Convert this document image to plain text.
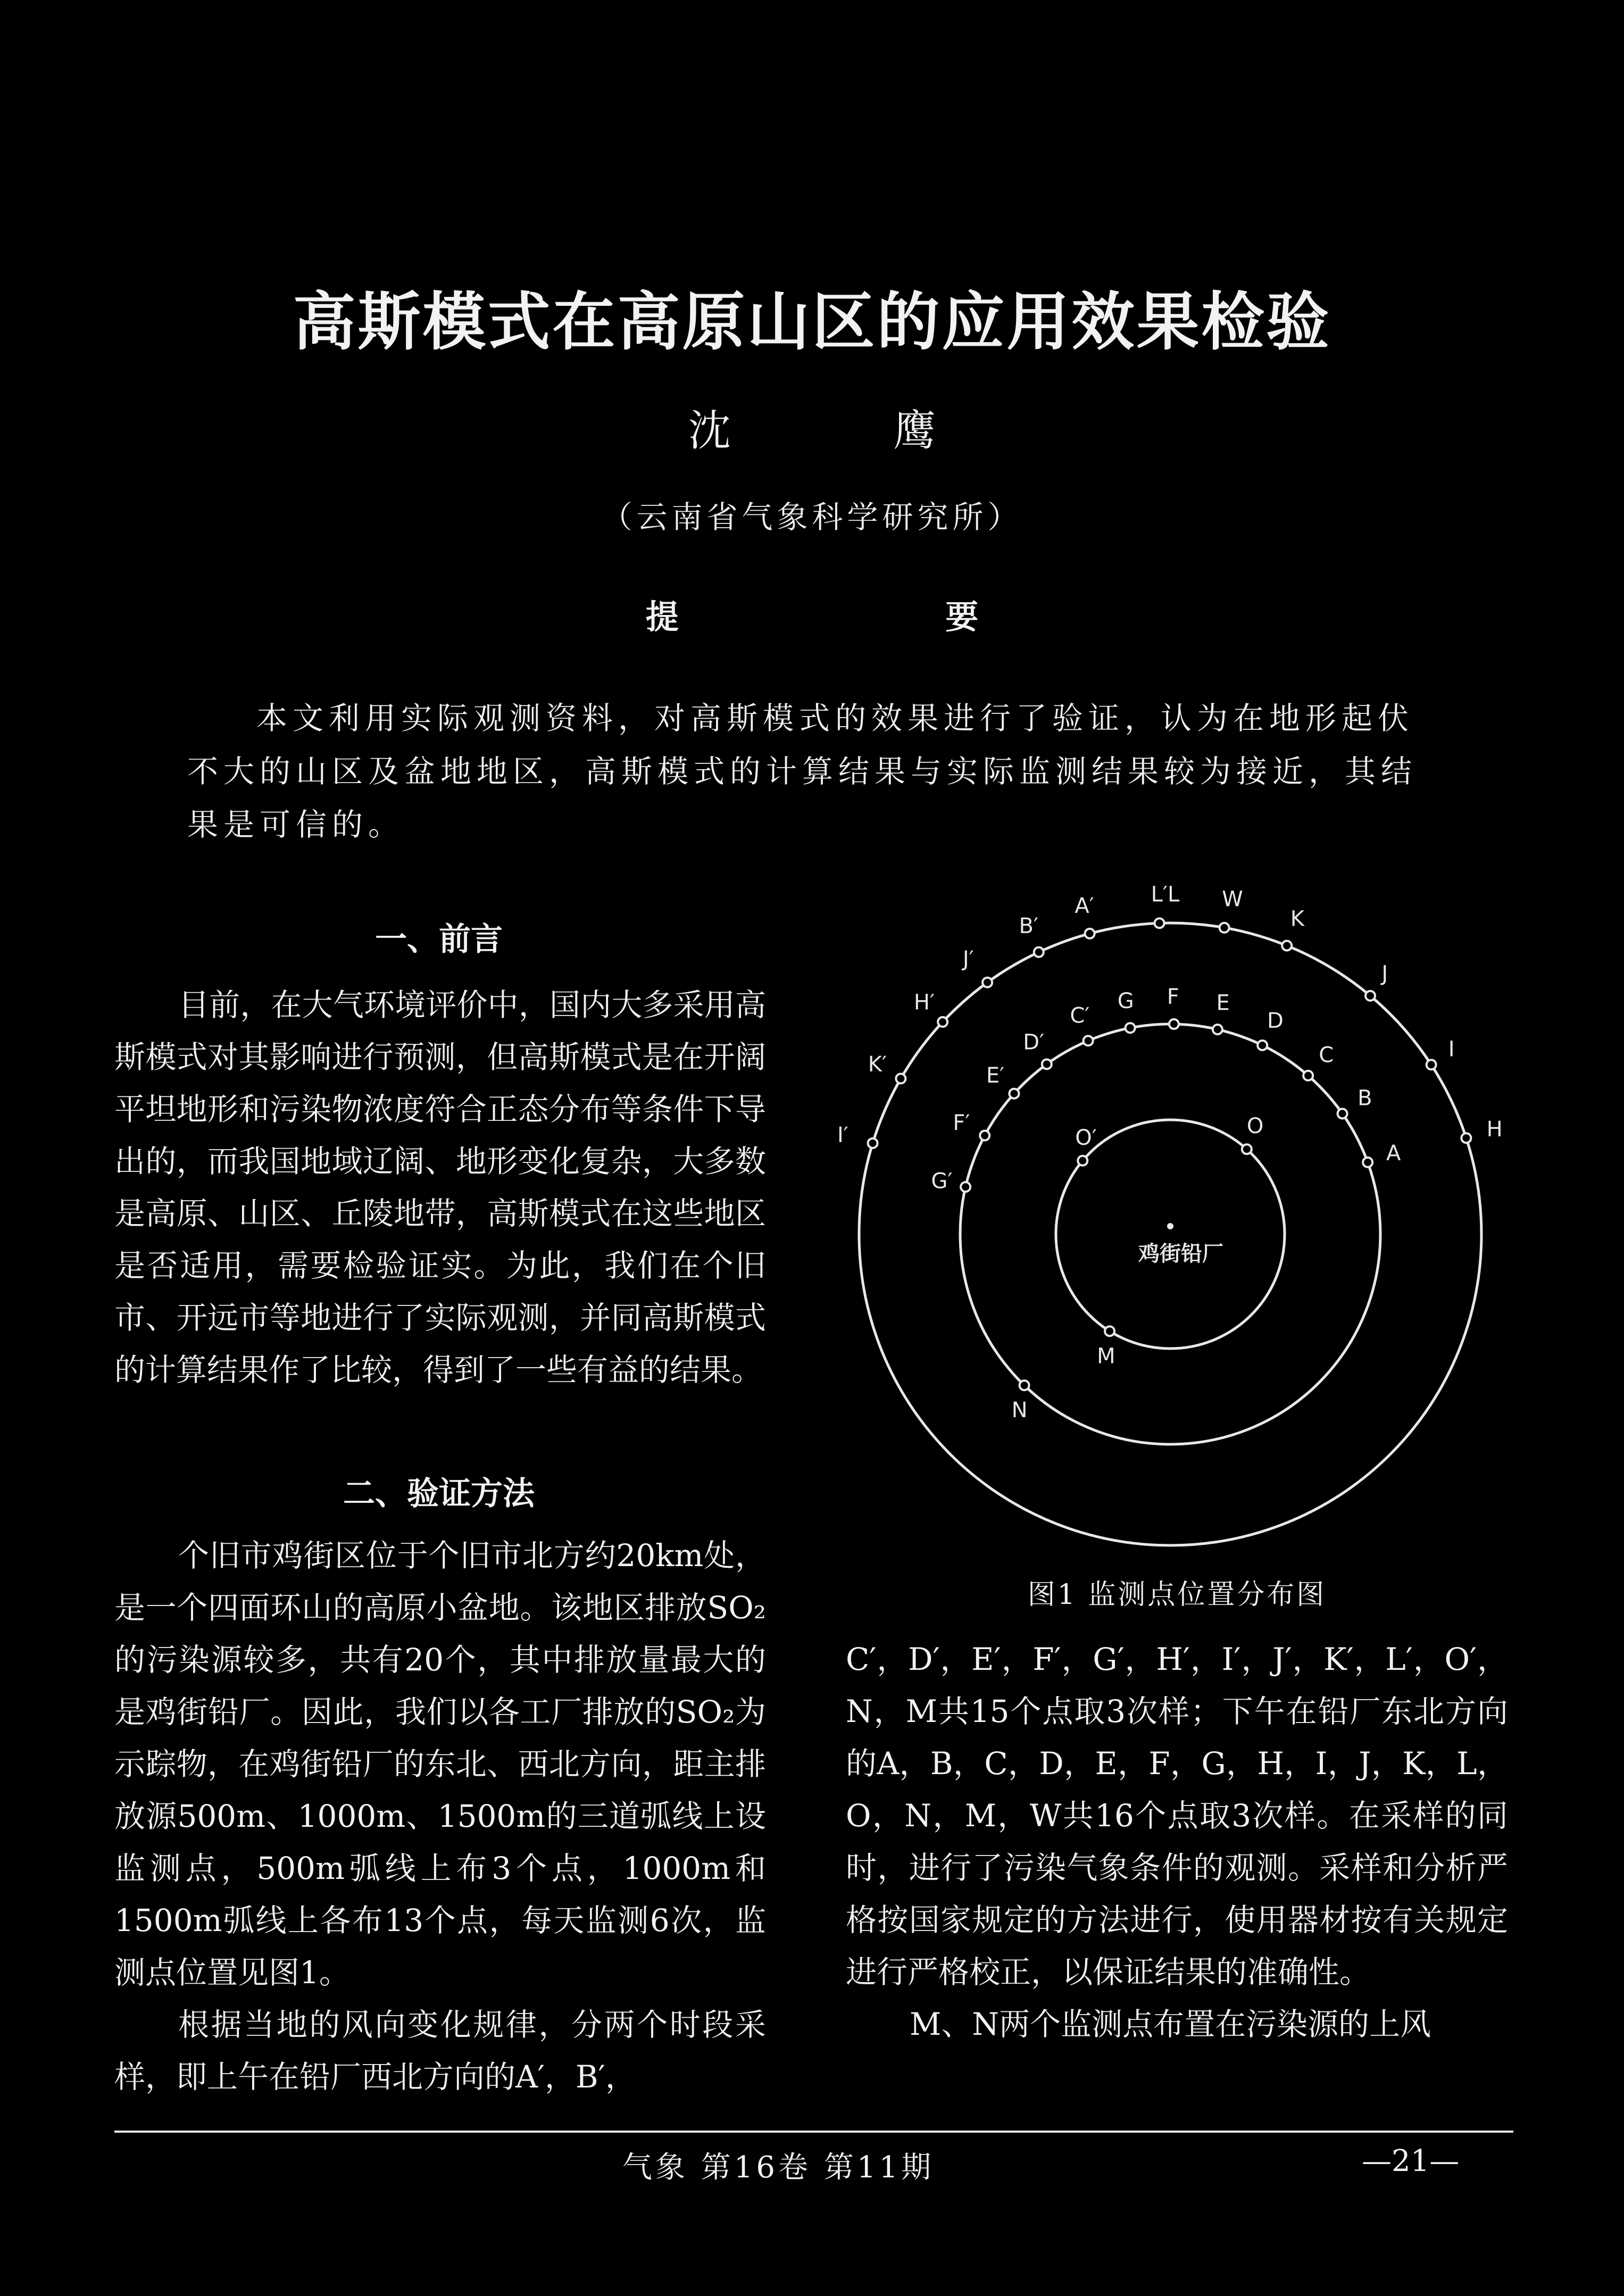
高斯模式在高原山区的应用效果检验
沈 鹰
（云南省气象科学研究所）
提 要
本文利用实际观测资料，对高斯模式的效果进行了验证，认为在地形起伏不大的山区及盆地地区，高斯模式的计算结果与实际监测结果较为接近，其结果是可信的。
一、前言

目前，在大气环境评价中，国内大多采用高斯模式对其影响进行预测，但高斯模式是在开阔平坦地形和污染物浓度符合正态分布等条件下导出的，而我国地域辽阔、地形变化复杂，大多数是高原、山区、丘陵地带，高斯模式在这些地区是否适用，需要检验证实。为此，我们在个旧市、开远市等地进行了实际观测，并同高斯模式的计算结果作了比较，得到了一些有益的结果。

二、验证方法

个旧市鸡街区位于个旧市北方约20km处，是一个四面环山的高原小盆地。该地区排放SO₂的污染源较多，共有20个，其中排放量最大的是鸡街铅厂。因此，我们以各工厂排放的SO₂为示踪物，在鸡街铅厂的东北、西北方向，距主排放源500m、1000m、1500m的三道弧线上设监测点，500m弧线上布3个点，1000m和1500m弧线上各布13个点，每天监测6次，监测点位置见图1。

根据当地的风向变化规律，分两个时段采样，即上午在铅厂西北方向的A′，B′，

I′
K′
H′
J′
B′
A′	L′L W
K
J
I
H
G′
F′
E′
D′
C′
G F E
D
C
B
A
O′	O
M
N
鸡街铅厂
图1 监测点位置分布图

C′，D′，E′，F′，G′，H′，I′，J′，K′，L′，O′，N，M共15个点取3次样；下午在铅厂东北方向的A，B，C，D，E，F，G，H，I，J，K，L，O，N，M，W共16个点取3次样。在采样的同时，进行了污染气象条件的观测。采样和分析严格按国家规定的方法进行，使用器材按有关规定进行严格校正，以保证结果的准确性。

M、N两个监测点布置在污染源的上风

气象 第16卷 第11期	—21—
